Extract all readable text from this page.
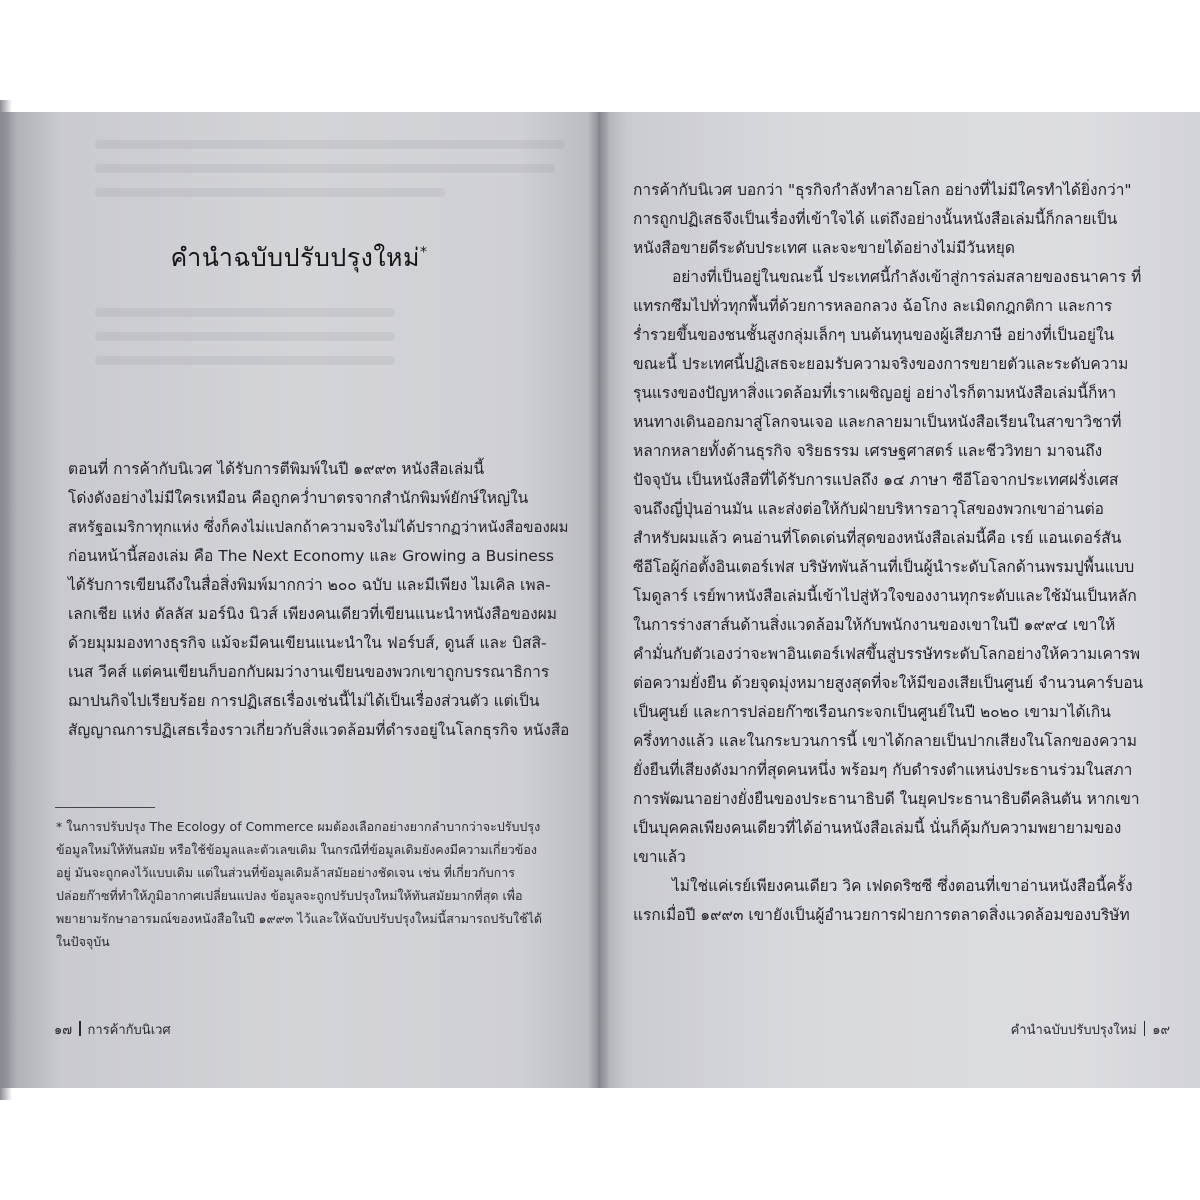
คำนำฉบับปรับปรุงใหม่*
ตอนที่ การค้ากับนิเวศ ได้รับการตีพิมพ์ในปี ๑๙๙๓ หนังสือเล่มนี้
โด่งดังอย่างไม่มีใครเหมือน คือถูกคว่ำบาตรจากสำนักพิมพ์ยักษ์ใหญ่ใน
สหรัฐอเมริกาทุกแห่ง ซึ่งก็คงไม่แปลกถ้าความจริงไม่ได้ปรากฏว่าหนังสือของผม
ก่อนหน้านี้สองเล่ม คือ The Next Economy และ Growing a Business
ได้รับการเขียนถึงในสื่อสิ่งพิมพ์มากกว่า ๒๐๐ ฉบับ และมีเพียง ไมเคิล เพล-
เลกเชีย แห่ง ดัลลัส มอร์นิง นิวส์ เพียงคนเดียวที่เขียนแนะนำหนังสือของผม
ด้วยมุมมองทางธุรกิจ แม้จะมีคนเขียนแนะนำใน ฟอร์บส์, ดูนส์ และ บิสสิ-
เนส วีคส์ แต่คนเขียนก็บอกกับผมว่างานเขียนของพวกเขาถูกบรรณาธิการ
ฌาปนกิจไปเรียบร้อย การปฏิเสธเรื่องเช่นนี้ไม่ได้เป็นเรื่องส่วนตัว แต่เป็น
สัญญาณการปฏิเสธเรื่องราวเกี่ยวกับสิ่งแวดล้อมที่ดำรงอยู่ในโลกธุรกิจ หนังสือ
* ในการปรับปรุง The Ecology of Commerce ผมต้องเลือกอย่างยากลำบากว่าจะปรับปรุง
ข้อมูลใหม่ให้ทันสมัย หรือใช้ข้อมูลและตัวเลขเดิม ในกรณีที่ข้อมูลเดิมยังคงมีความเกี่ยวข้อง
อยู่ มันจะถูกคงไว้แบบเดิม แต่ในส่วนที่ข้อมูลเดิมล้าสมัยอย่างชัดเจน เช่น ที่เกี่ยวกับการ
ปล่อยก๊าซที่ทำให้ภูมิอากาศเปลี่ยนแปลง ข้อมูลจะถูกปรับปรุงใหม่ให้ทันสมัยมากที่สุด เพื่อ
พยายามรักษาอารมณ์ของหนังสือในปี ๑๙๙๓ ไว้และให้ฉบับปรับปรุงใหม่นี้สามารถปรับใช้ได้
ในปัจจุบัน
๑๗ การค้ากับนิเวศ
การค้ากับนิเวศ บอกว่า "ธุรกิจกำลังทำลายโลก อย่างที่ไม่มีใครทำได้ยิ่งกว่า"
การถูกปฏิเสธจึงเป็นเรื่องที่เข้าใจได้ แต่ถึงอย่างนั้นหนังสือเล่มนี้ก็กลายเป็น
หนังสือขายดีระดับประเทศ และจะขายได้อย่างไม่มีวันหยุด
อย่างที่เป็นอยู่ในขณะนี้ ประเทศนี้กำลังเข้าสู่การล่มสลายของธนาคาร ที่
แทรกซึมไปทั่วทุกพื้นที่ด้วยการหลอกลวง ฉ้อโกง ละเมิดกฎกติกา และการ
ร่ำรวยขึ้นของชนชั้นสูงกลุ่มเล็กๆ บนต้นทุนของผู้เสียภาษี อย่างที่เป็นอยู่ใน
ขณะนี้ ประเทศนี้ปฏิเสธจะยอมรับความจริงของการขยายตัวและระดับความ
รุนแรงของปัญหาสิ่งแวดล้อมที่เราเผชิญอยู่ อย่างไรก็ตามหนังสือเล่มนี้ก็หา
หนทางเดินออกมาสู่โลกจนเจอ และกลายมาเป็นหนังสือเรียนในสาขาวิชาที่
หลากหลายทั้งด้านธุรกิจ จริยธรรม เศรษฐศาสตร์ และชีววิทยา มาจนถึง
ปัจจุบัน เป็นหนังสือที่ได้รับการแปลถึง ๑๔ ภาษา ซีอีโอจากประเทศฝรั่งเศส
จนถึงญี่ปุ่นอ่านมัน และส่งต่อให้กับฝ่ายบริหารอาวุโสของพวกเขาอ่านต่อ
สำหรับผมแล้ว คนอ่านที่โดดเด่นที่สุดของหนังสือเล่มนี้คือ เรย์ แอนเดอร์สัน
ซีอีโอผู้ก่อตั้งอินเตอร์เฟส บริษัทพันล้านที่เป็นผู้นำระดับโลกด้านพรมปูพื้นแบบ
โมดูลาร์ เรย์พาหนังสือเล่มนี้เข้าไปสู่หัวใจของงานทุกระดับและใช้มันเป็นหลัก
ในการร่างสาส์นด้านสิ่งแวดล้อมให้กับพนักงานของเขาในปี ๑๙๙๔ เขาให้
คำมั่นกับตัวเองว่าจะพาอินเตอร์เฟสขึ้นสู่บรรษัทระดับโลกอย่างให้ความเคารพ
ต่อความยั่งยืน ด้วยจุดมุ่งหมายสูงสุดที่จะให้มีของเสียเป็นศูนย์ จำนวนคาร์บอน
เป็นศูนย์ และการปล่อยก๊าซเรือนกระจกเป็นศูนย์ในปี ๒๐๒๐ เขามาได้เกิน
ครึ่งทางแล้ว และในกระบวนการนี้ เขาได้กลายเป็นปากเสียงในโลกของความ
ยั่งยืนที่เสียงดังมากที่สุดคนหนึ่ง พร้อมๆ กับดำรงตำแหน่งประธานร่วมในสภา
การพัฒนาอย่างยั่งยืนของประธานาธิบดี ในยุคประธานาธิบดีคลินตัน หากเขา
เป็นบุคคลเพียงคนเดียวที่ได้อ่านหนังสือเล่มนี้ นั่นก็คุ้มกับความพยายามของ
เขาแล้ว
ไม่ใช่แค่เรย์เพียงคนเดียว วิค เฟดดริซซี ซึ่งตอนที่เขาอ่านหนังสือนี้ครั้ง
แรกเมื่อปี ๑๙๙๓ เขายังเป็นผู้อำนวยการฝ่ายการตลาดสิ่งแวดล้อมของบริษัท
คำนำฉบับปรับปรุงใหม่ ๑๙
